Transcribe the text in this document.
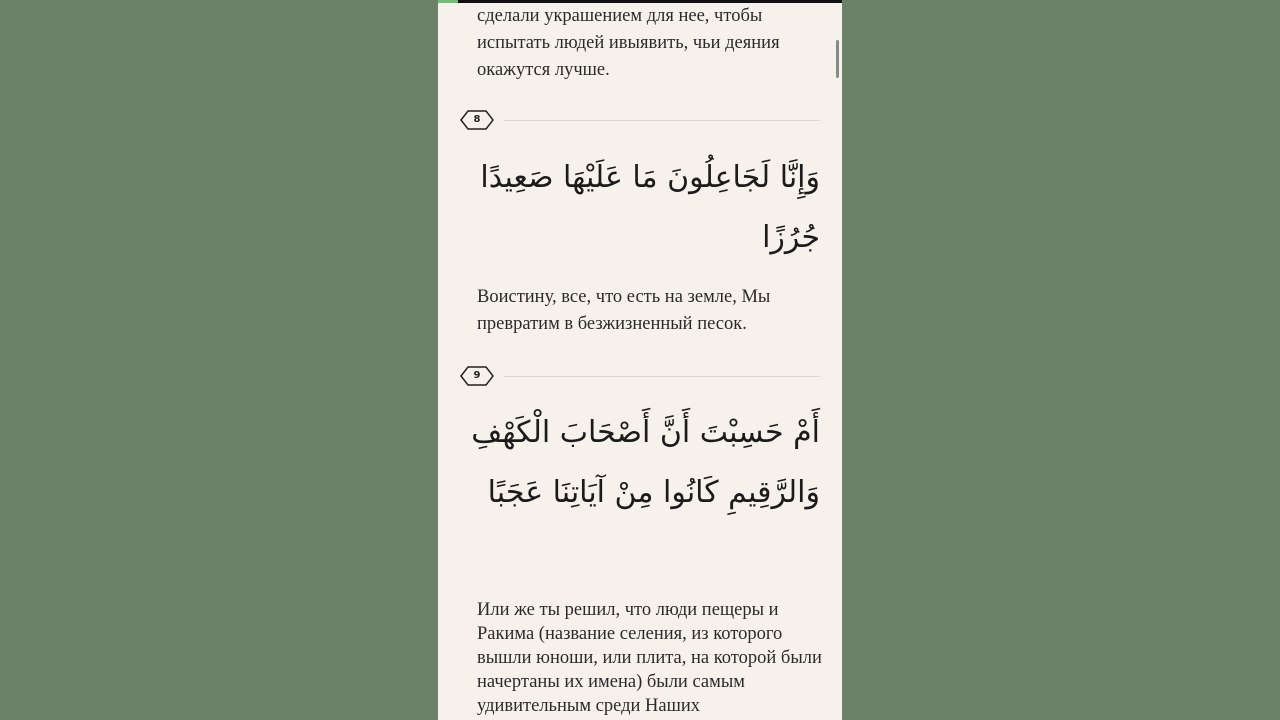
сделали украшением для нее, чтобы испытать людей ивыявить, чьи деяния окажутся лучше.

8

وَإِنَّا لَجَاعِلُونَ مَا عَلَيْهَا صَعِيدًا جُرُزًا

Воистину, все, что есть на земле, Мы превратим в безжизненный песок.

9

أَمْ حَسِبْتَ أَنَّ أَصْحَابَ الْكَهْفِ وَالرَّقِيمِ كَانُوا مِنْ آيَاتِنَا عَجَبًا

Или же ты решил, что люди пещеры и Ракима (название селения, из которого вышли юноши, или плита, на которой были начертаны их имена) были самым удивительным среди Наших
